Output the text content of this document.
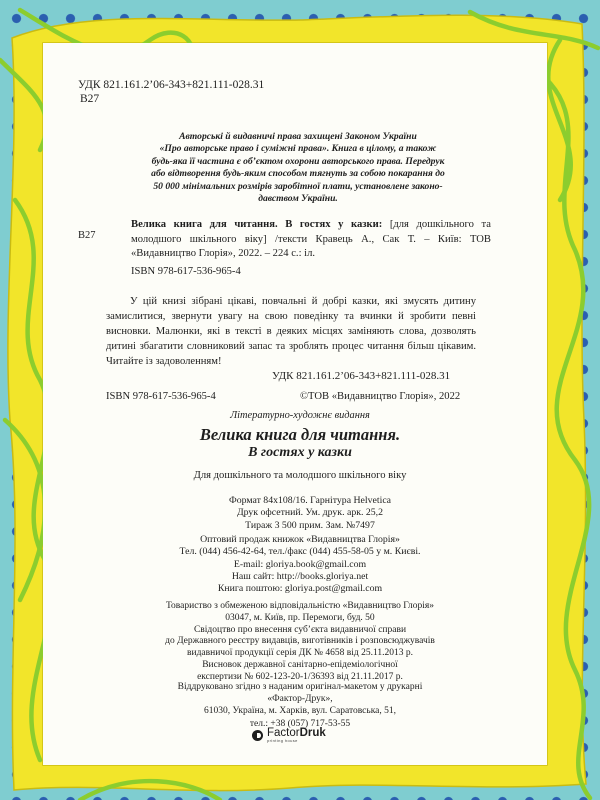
УДК 821.161.2’06-343+821.111-028.31
В27
Авторські й видавничі права захищені Законом України
«Про авторське право і суміжні права». Книга в цілому, а також
будь-яка її частина є об’єктом охорони авторського права. Передрук
або відтворення будь-яким способом тягнуть за собою покарання до
50 000 мінімальних розмірів заробітної плати, установлене законо-
давством України.
В27
Велика книга для читання. В гостях у казки: [для дошкільного та молодшого шкільного віку] /тексти Кравець А., Сак Т. – Київ: ТОВ «Видавництво Глорія», 2022. – 224 с.: іл.
ISBN 978-617-536-965-4
У цій книзі зібрані цікаві, повчальні й добрі казки, які змусять дитину замислитися, звернути увагу на свою поведінку та вчинки й зробити певні висновки. Малюнки, які в тексті в деяких місцях заміняють слова, дозволять дитині збагатити словниковий запас та зроблять процес читання більш цікавим. Читайте із задоволенням!
УДК 821.161.2’06-343+821.111-028.31
ISBN 978-617-536-965-4	©ТОВ «Видавництво Глорія», 2022
Літературно-художнє видання
Велика книга для читання.
В гостях у казки
Для дошкільного та молодшого шкільного віку
Формат 84х108/16. Гарнітура Helvetica
Друк офсетний. Ум. друк. арк. 25,2
Тираж 3 500 прим. Зам. №7497
Оптовий продаж книжок «Видавництва Глорія»
Тел. (044) 456-42-64, тел./факс (044) 455-58-05 у м. Києві.
E-mail: gloriya.book@gmail.com
Наш сайт: http://books.gloriya.net
Книга поштою: gloriya.post@gmail.com
Товариство з обмеженою відповідальністю «Видавництво Глорія»
03047, м. Київ, пр. Перемоги, буд. 50
Свідоцтво про внесення суб’єкта видавничої справи
до Державного реєстру видавців, виготівників і розповсюджувачів
видавничої продукції серія ДК № 4658 від 25.11.2013 р.
Висновок державної санітарно-епідеміологічної
експертизи № 602-123-20-1/36393 від 21.11.2017 р.
Віддруковано згідно з наданим оригінал-макетом у друкарні
«Фактор-Друк»,
61030, Україна, м. Харків, вул. Саратовська, 51,
тел.: +38 (057) 717-53-55
FactorDruk
printing house
